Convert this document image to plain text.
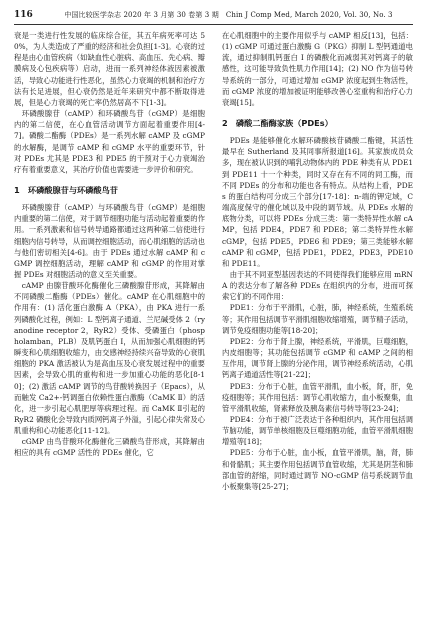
116	中国比较医学杂志 2020 年 3 月第 30 卷第 3 期　Chin J Comp Med, March 2020, Vol. 30, No. 3

衰是一类进行性发展的临床综合征，其五年病死率可达 50%，为人类造成了严重的经济和社会负担[1-3]。心衰的过程是由心血管疾病（如缺血性心脏病、高血压、先心病、瓣膜病及心包疾病等）启动，进而一系列神经体液因素被激活，导致心功能进行性恶化，虽然心力衰竭的机制和治疗方法有长足进展，但心衰仍然是近年来研究中都不断取得进展，但是心力衰竭的死亡率仍然居高不下[1-3]。

环磷酸腺苷（cAMP）和环磷酸鸟苷（cGMP）是细胞内的第二信使，在心血管活动调节方面起着重要作用[4-7]。磷酸二酯酶（PDEs）是一系列水解 cAMP 及 cGMP 的水解酶，是调节 cAMP 和 cGMP 水平的重要环节，针对 PDEs 尤其是 PDE3 和 PDE5 的干预对于心力衰竭治疗有着重要意义，其治疗价值也需要进一步评价和研究。

1　环磷酸腺苷与环磷酸鸟苷

环磷酸腺苷（cAMP）与环磷酸鸟苷（cGMP）是细胞内重要的第二信使，对于调节细胞功能与活动起着重要的作用。一系列激素和信号转导通路都通过这两种第二信使进行细胞内信号转导，从而调控细胞活动，而心肌细胞的活动也与他们密切相关[4-6]。由于 PDEs 通过水解 cAMP 和 cGMP 调控细胞活动，理解 cAMP 和 cGMP 的作用对掌握 PDEs 对细胞活动的意义至关重要。

cAMP 由腺苷酸环化酶催化三磷酸腺苷形成，其降解由不同磷酸二酯酶（PDEs）催化。cAMP 在心肌细胞中的作用有：(1) 活化蛋白激酶 A（PKA），由 PKA 进行一系列磷酸化过程，例如：L 型钙离子通道、兰尼碱受体 2（ryanodine receptor 2，RyR2）受体、受磷蛋白（phospholamban，PLB）及肌钙蛋白 I，从而加强心肌细胞的钙瞬变和心肌细胞收缩力，由交感神经持续兴奋导致的心衰肌细胞的 PKA 激活被认为是高血压及心衰发展过程中的重要因素，会导致心肌的重构和进一步加重心功能的恶化[8-10]；(2) 激活 cAMP 调节的鸟苷酸转换因子（Epacs），从而触发 Ca2+-钙调蛋白依赖性蛋白激酶（CaMK Ⅱ）的活化，进一步引起心肌肥厚等病理过程。而 CaMK Ⅱ引起的 RyR2 磷酸化会导致内质网钙离子外溢，引起心律失常及心肌重构和心功能恶化[11-12]。

cGMP 由鸟苷酸环化酶催化三磷酸鸟苷形成，其降解由相应的具有 cGMP 活性的 PDEs 催化，它

在心肌细胞中的主要作用似乎与 cAMP 相反[13]，包括：(1) cGMP 可通过蛋白激酶 G（PKG）抑制 L 型钙通道电流，通过抑制肌钙蛋白 I 的磷酸化而减弱其对钙离子的敏感性，这可能导致负性肌力作用[14]；(2) NO 作为信号转导系统的一部分，可通过增加 cGMP 浓度起到生物活性，而 cGMP 浓度的增加被证明能够改善心室重构和治疗心力衰竭[15]。

2　磷酸二酯酶家族（PDEs）

PDEs 是能够催化水解环磷酸核苷磷酸二酯键，其活性最早在 Sutherland 及其同事所报道[16]。其家族成员众多，现在被认识到的哺乳动物体内的 PDE 种类有从 PDE1 到 PDE11 十一个种类，同时又存在有不同的同工酶，而不同 PDEs 的分布和功能也各有特点。从结构上看，PDEs 的蛋白结构可分成三个部分[17-18]：n-端的钾定域，C 端高度保守的催化域以及中段的调节域。从 PDEs 水解的底物分类，可以将 PDEs 分成三类：第一类特异性水解 cAMP，包括 PDE4，PDE7 和 PDE8；第二类特异性水解 cGMP，包括 PDE5，PDE6 和 PDE9；第三类能够水解 cAMP 和 cGMP，包括 PDE1，PDE2，PDE3，PDE10 和 PDE11。

由于其不同亚型基因表达的不同使得我们能够应用 mRNA 的表达分布了解各种 PDEs 在组织内的分布，进而可探索它们的不同作用：

PDE1：分布于平滑肌，心脏，肺，神经系统，生殖系统等；其作用包括调节平滑肌细胞收缩增殖，调节精子活动，调节免疫细胞功能等[18-20]；

PDE2：分布于肾上腺，神经系统，平滑肌，巨噬细胞，内皮细胞等；其功能包括调节 cGMP 和 cAMP 之间的相互作用，调节肾上腺的分泌作用，调节神经系统活动，心肌钙离子通道活性等[21-22]；

PDE3：分布于心脏，血管平滑肌，血小板，肾，肝，免疫细胞等；其作用包括：调节心肌收缩力，血小板聚集，血管平滑肌收缩，肾素释放及胰岛素信号转导等[23-24]；

PDE4：分布于被广泛表达于各种组织内，其作用包括调节脑功能，调节单核细胞及巨噬细胞功能，血管平滑肌细胞增殖等[18]；

PDE5：分布于心脏，血小板，血管平滑肌，脑，肾，肺和骨骼肌；其主要作用包括调节血管收缩，尤其是阴茎和肺部血管的舒缩，同时通过调节 NO-cGMP 信号系统调节血小板聚集等[25-27]；
